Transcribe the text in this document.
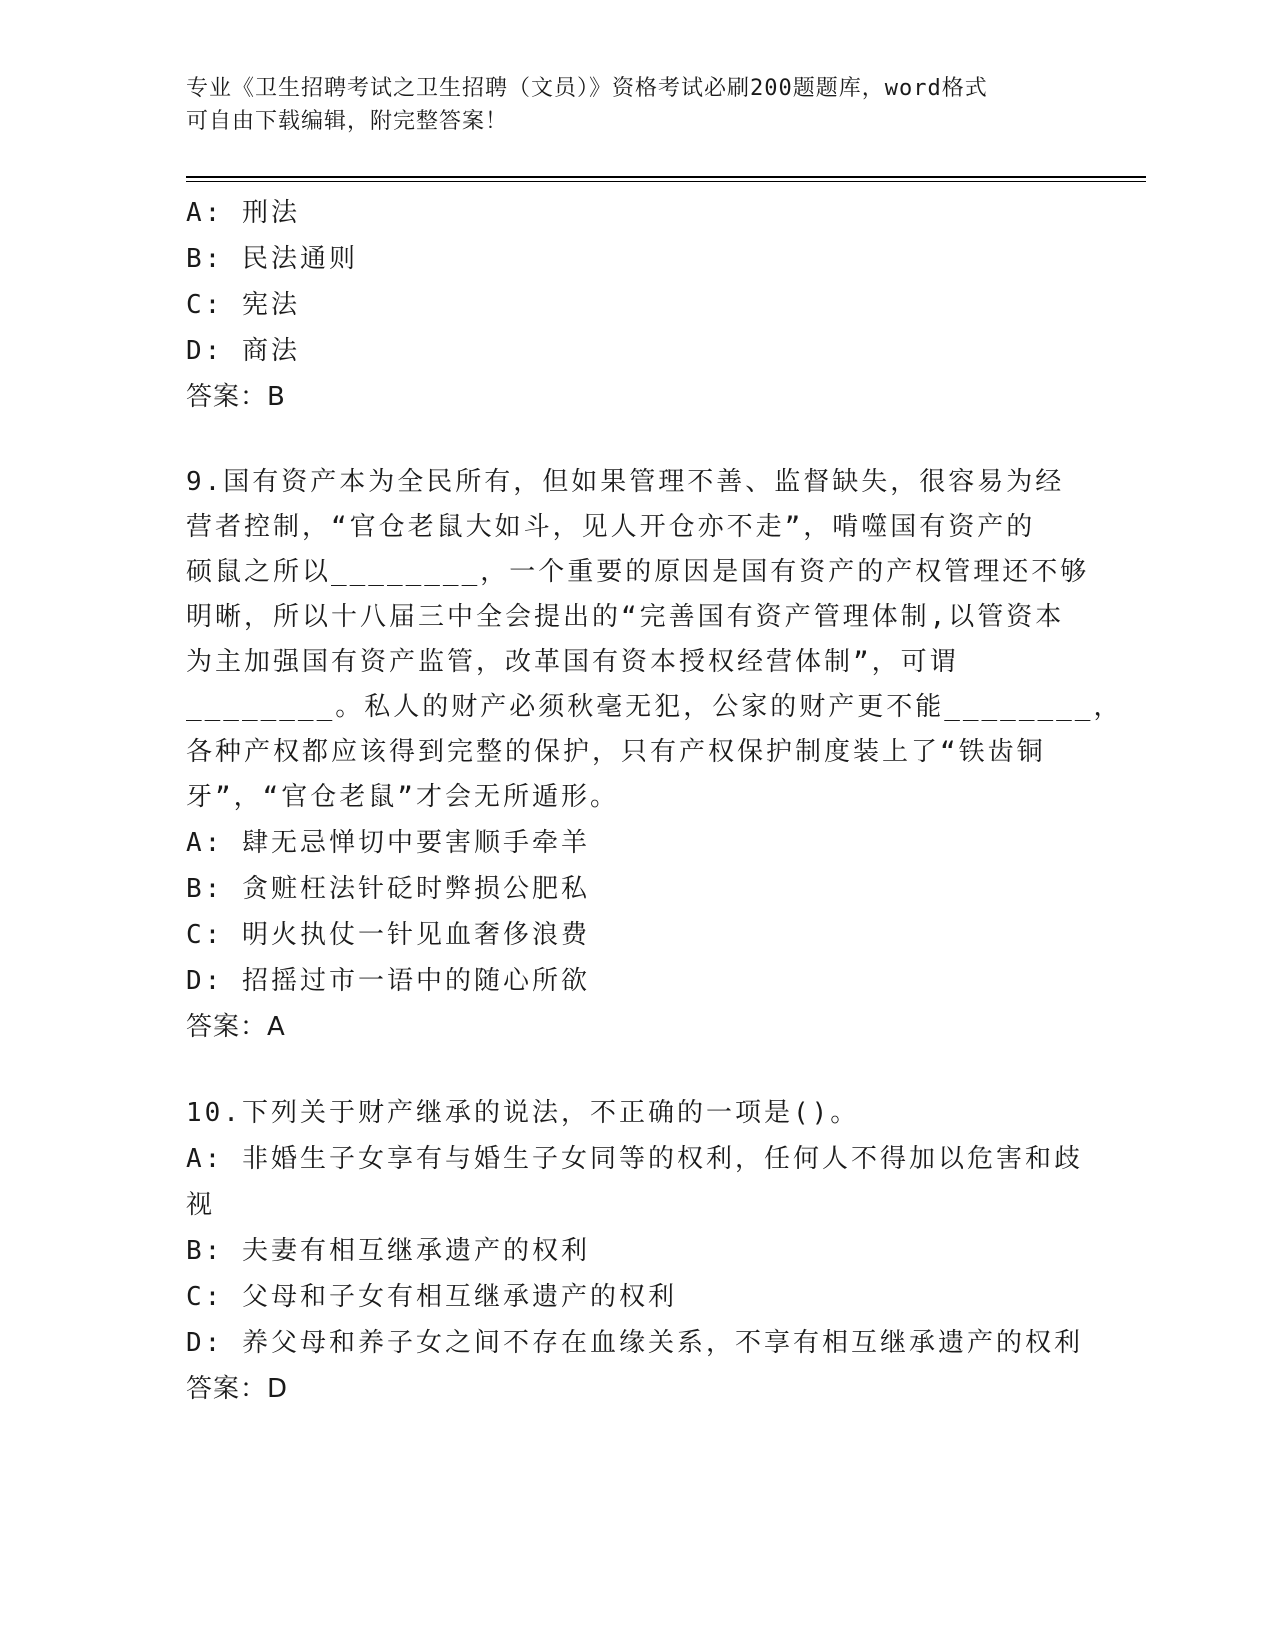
专业《卫生招聘考试之卫生招聘（文员）》资格考试必刷200题题库，word格式
可自由下载编辑，附完整答案！
A: 刑法
B: 民法通则
C: 宪法
D: 商法
答案：B
9.国有资产本为全民所有，但如果管理不善、监督缺失，很容易为经
营者控制，“官仓老鼠大如斗，见人开仓亦不走”，啃噬国有资产的
硕鼠之所以________，一个重要的原因是国有资产的产权管理还不够
明晰，所以十八届三中全会提出的“完善国有资产管理体制,以管资本
为主加强国有资产监管，改革国有资本授权经营体制”，可谓
________。私人的财产必须秋毫无犯，公家的财产更不能________，
各种产权都应该得到完整的保护，只有产权保护制度装上了“铁齿铜
牙”，“官仓老鼠”才会无所遁形。
A: 肆无忌惮切中要害顺手牵羊
B: 贪赃枉法针砭时弊损公肥私
C: 明火执仗一针见血奢侈浪费
D: 招摇过市一语中的随心所欲
答案：A
10.下列关于财产继承的说法，不正确的一项是()。
A: 非婚生子女享有与婚生子女同等的权利，任何人不得加以危害和歧
视
B: 夫妻有相互继承遗产的权利
C: 父母和子女有相互继承遗产的权利
D: 养父母和养子女之间不存在血缘关系，不享有相互继承遗产的权利
答案：D
